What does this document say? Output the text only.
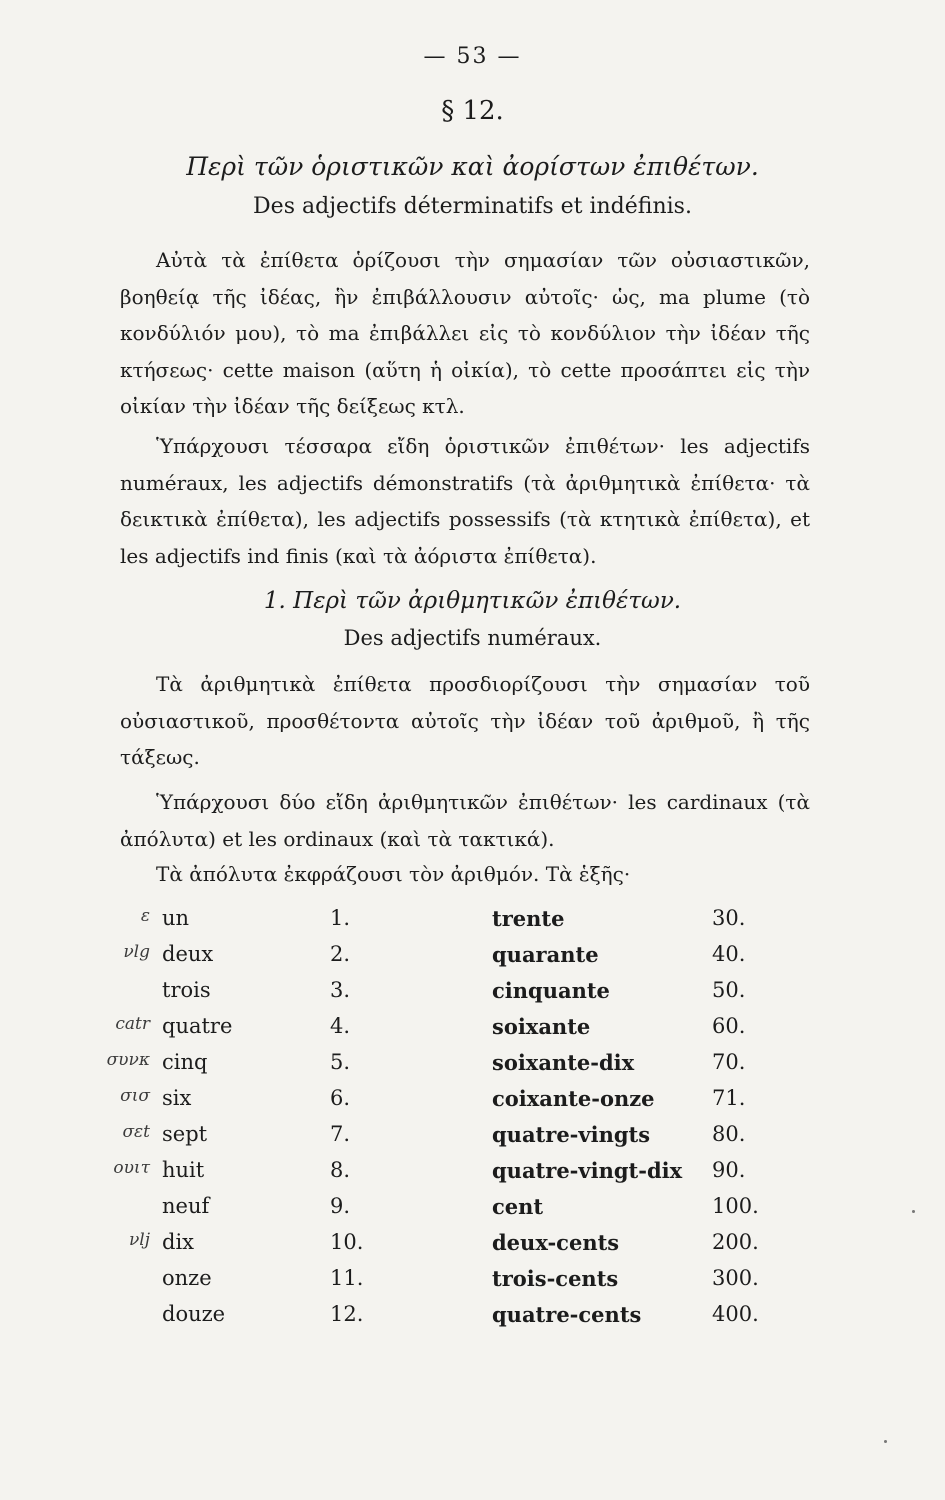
— 53 —
§ 12.
Περὶ τῶν ὁριστικῶν καὶ ἀορίστων ἐπιθέτων.
Des adjectifs déterminatifs et indéfinis.
Αὐτὰ τὰ ἐπίθετα ὁρίζουσι τὴν σημασίαν τῶν οὐσιαστικῶν, βοηθείᾳ τῆς ἰδέας, ἣν ἐπιβάλλουσιν αὐτοῖς· ὡς, ma plume (τὸ κονδύλιόν μου), τὸ ma ἐπιβάλλει εἰς τὸ κονδύλιον τὴν ἰδέαν τῆς κτήσεως· cette maison (αὕτη ἡ οἰκία), τὸ cette προσάπτει εἰς τὴν οἰκίαν τὴν ἰδέαν τῆς δείξεως κτλ.
Ὑπάρχουσι τέσσαρα εἴδη ὁριστικῶν ἐπιθέτων· les adjectifs numéraux, les adjectifs démonstratifs (τὰ ἀριθμητικὰ ἐπίθετα· τὰ δεικτικὰ ἐπίθετα), les adjectifs possessifs (τὰ κτητικὰ ἐπίθετα), et les adjectifs ind finis (καὶ τὰ ἀόριστα ἐπίθετα).
1. Περὶ τῶν ἀριθμητικῶν ἐπιθέτων.
Des adjectifs numéraux.
Τὰ ἀριθμητικὰ ἐπίθετα προσδιορίζουσι τὴν σημασίαν τοῦ οὐσιαστικοῦ, προσθέτοντα αὐτοῖς τὴν ἰδέαν τοῦ ἀριθμοῦ, ἢ τῆς τάξεως.
Ὑπάρχουσι δύο εἴδη ἀριθμητικῶν ἐπιθέτων· les cardinaux (τὰ ἀπόλυτα) et les ordinaux (καὶ τὰ τακτικά).
Τὰ ἀπόλυτα ἐκφράζουσι τὸν ἀριθμόν. Τὰ ἑξῆς·
ε un	1.	trente	30.
νlg deux	2.	quarante	40.
trois	3.	cinquante	50.
catr quatre	4.	soixante	60.
συνκ cinq	5.	soixante-dix	70.
σισ six	6.	coixante-onze	71.
σεt sept	7.	quatre-vingts	80.
ουιτ huit	8.	quatre-vingt-dix 90.
neuf	9.	cent	100.
νlj dix	10.	deux-cents	200.
onze	11.	trois-cents	300.
douze	12.	quatre-cents	400.
